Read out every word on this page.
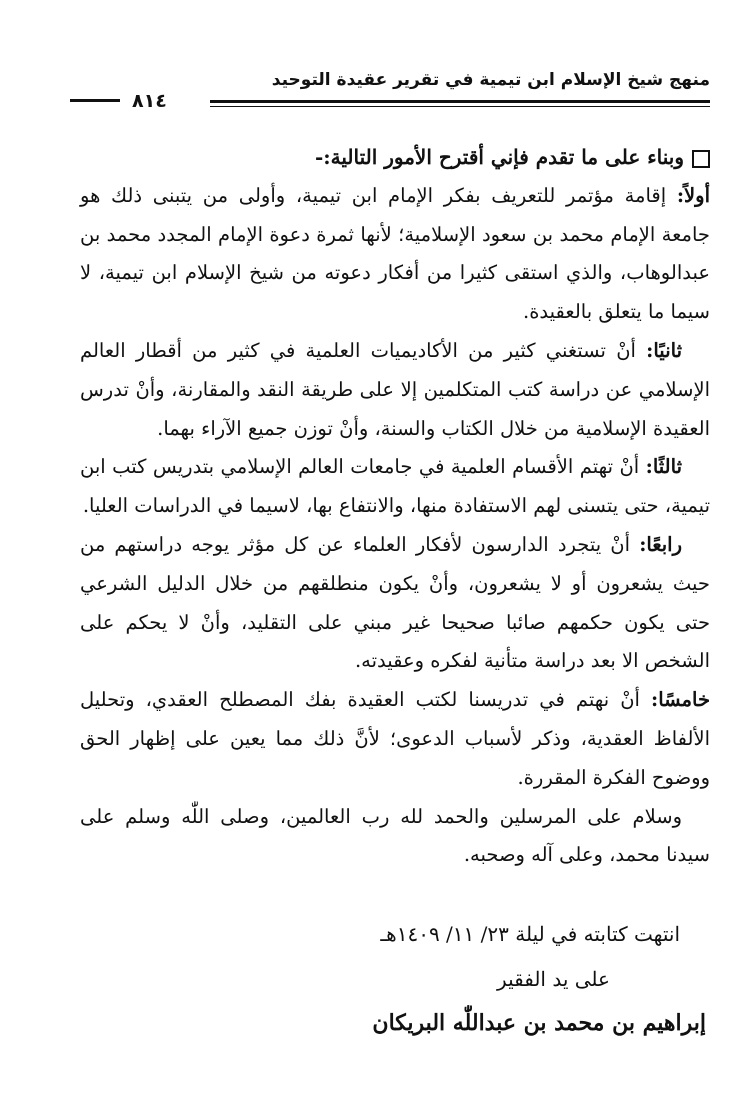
منهج شيخ الإسلام ابن تيمية في تقرير عقيدة التوحيد
٨١٤

وبناء على ما تقدم فإني أقترح الأمور التالية:-

أولاً: إقامة مؤتمر للتعريف بفكر الإمام ابن تيمية، وأولى من يتبنى ذلك هو جامعة الإمام محمد بن سعود الإسلامية؛ لأنها ثمرة دعوة الإمام المجدد محمد بن عبدالوهاب، والذي استقى كثيرا من أفكار دعوته من شيخ الإسلام ابن تيمية، لا سيما ما يتعلق بالعقيدة.

ثانيًا: أنْ تستغني كثير من الأكاديميات العلمية في كثير من أقطار العالم الإسلامي عن دراسة كتب المتكلمين إلا على طريقة النقد والمقارنة، وأنْ تدرس العقيدة الإسلامية من خلال الكتاب والسنة، وأنْ توزن جميع الآراء بهما.

ثالثًا: أنْ تهتم الأقسام العلمية في جامعات العالم الإسلامي بتدريس كتب ابن تيمية، حتى يتسنى لهم الاستفادة منها، والانتفاع بها، لاسيما في الدراسات العليا.

رابعًا: أنْ يتجرد الدارسون لأفكار العلماء عن كل مؤثر يوجه دراستهم من حيث يشعرون أو لا يشعرون، وأنْ يكون منطلقهم من خلال الدليل الشرعي حتى يكون حكمهم صائبا صحيحا غير مبني على التقليد، وأنْ لا يحكم على الشخص الا بعد دراسة متأنية لفكره وعقيدته.

خامسًا: أنْ نهتم في تدريسنا لكتب العقيدة بفك المصطلح العقدي، وتحليل الألفاظ العقدية، وذكر لأسباب الدعوى؛ لأنَّ ذلك مما يعين على إظهار الحق ووضوح الفكرة المقررة.

وسلام على المرسلين والحمد لله رب العالمين، وصلى اللّٰه وسلم على سيدنا محمد، وعلى آله وصحبه.

انتهت كتابته في ليلة ٢٣/ ١١/ ١٤٠٩هـ
على يد الفقير
إبراهيم بن محمد بن عبداللّٰه البريكان
